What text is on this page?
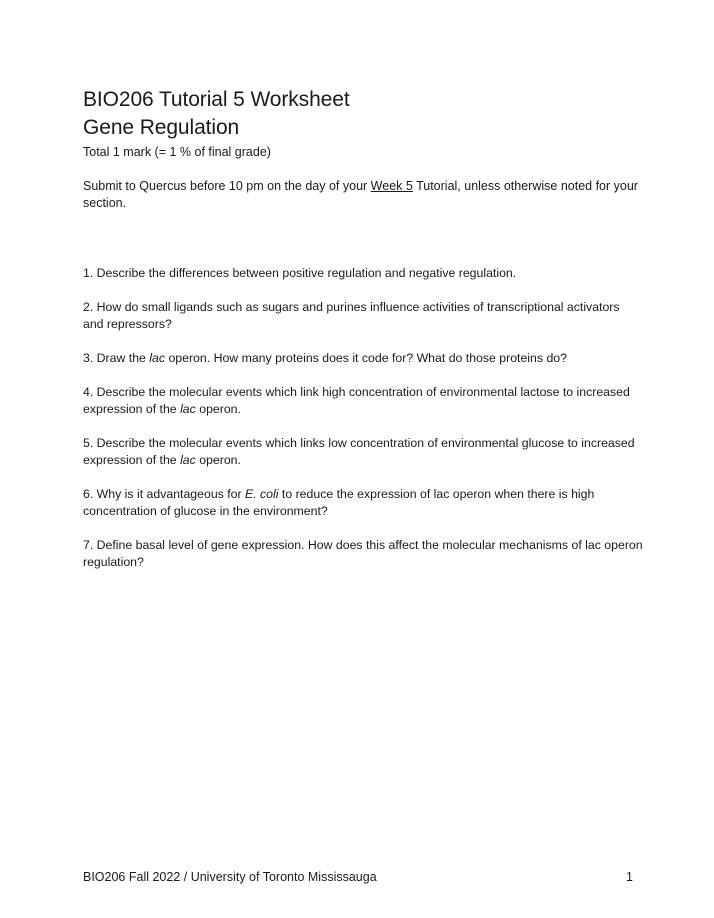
BIO206 Tutorial 5 Worksheet
Gene Regulation

Total 1 mark (= 1 % of final grade)

Submit to Quercus before 10 pm on the day of your Week 5 Tutorial, unless otherwise noted for your section.

1. Describe the differences between positive regulation and negative regulation.

2. How do small ligands such as sugars and purines influence activities of transcriptional activators and repressors?

3. Draw the lac operon. How many proteins does it code for? What do those proteins do?

4. Describe the molecular events which link high concentration of environmental lactose to increased expression of the lac operon.

5. Describe the molecular events which links low concentration of environmental glucose to increased expression of the lac operon.

6. Why is it advantageous for E. coli to reduce the expression of lac operon when there is high concentration of glucose in the environment?

7. Define basal level of gene expression. How does this affect the molecular mechanisms of lac operon regulation?

BIO206 Fall 2022 / University of Toronto Mississauga	1
